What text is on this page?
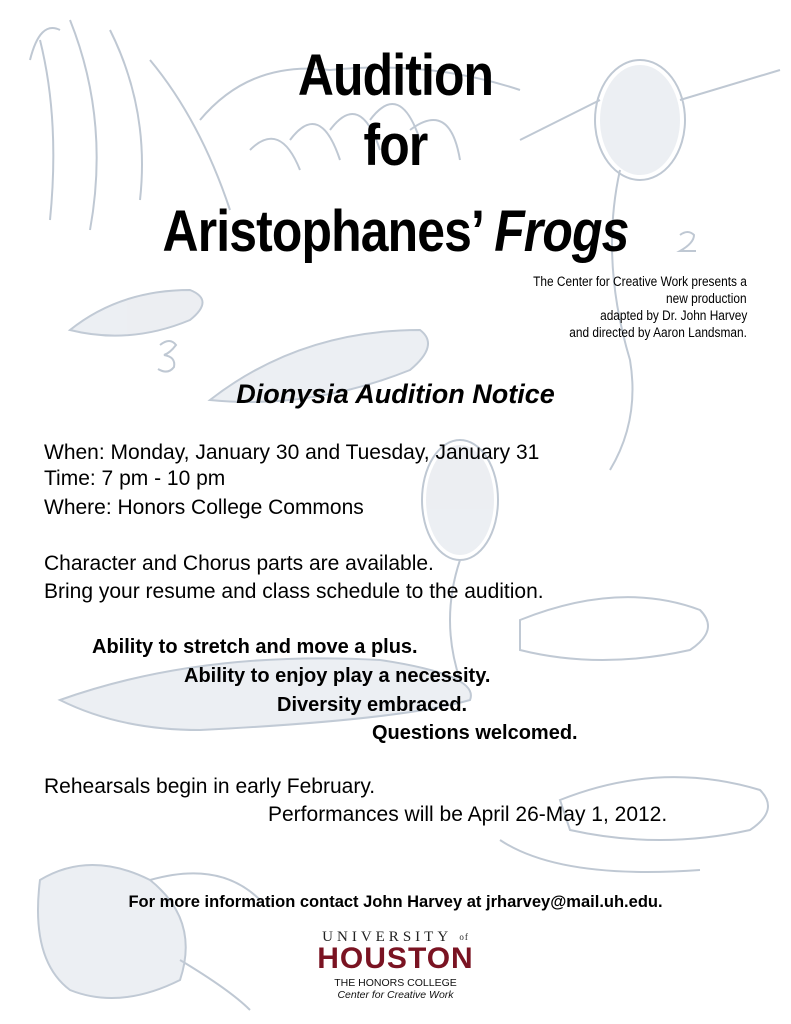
Audition
for
Aristophanes’ Frogs
The Center for Creative Work presents a
new production
adapted by Dr. John Harvey
and directed by Aaron Landsman.
Dionysia Audition Notice
When: Monday, January 30 and Tuesday, January 31
Time: 7 pm - 10 pm
Where: Honors College Commons
Character and Chorus parts are available.
Bring your resume and class schedule to the audition.
Ability to stretch and move a plus.
Ability to enjoy play a necessity.
Diversity embraced.
Questions welcomed.
Rehearsals begin in early February.
Performances will be April 26-May 1, 2012.
For more information contact John Harvey at jrharvey@mail.uh.edu.
UNIVERSITY $^{of}$
HOUSTON
THE HONORS COLLEGE
Center for Creative Work
